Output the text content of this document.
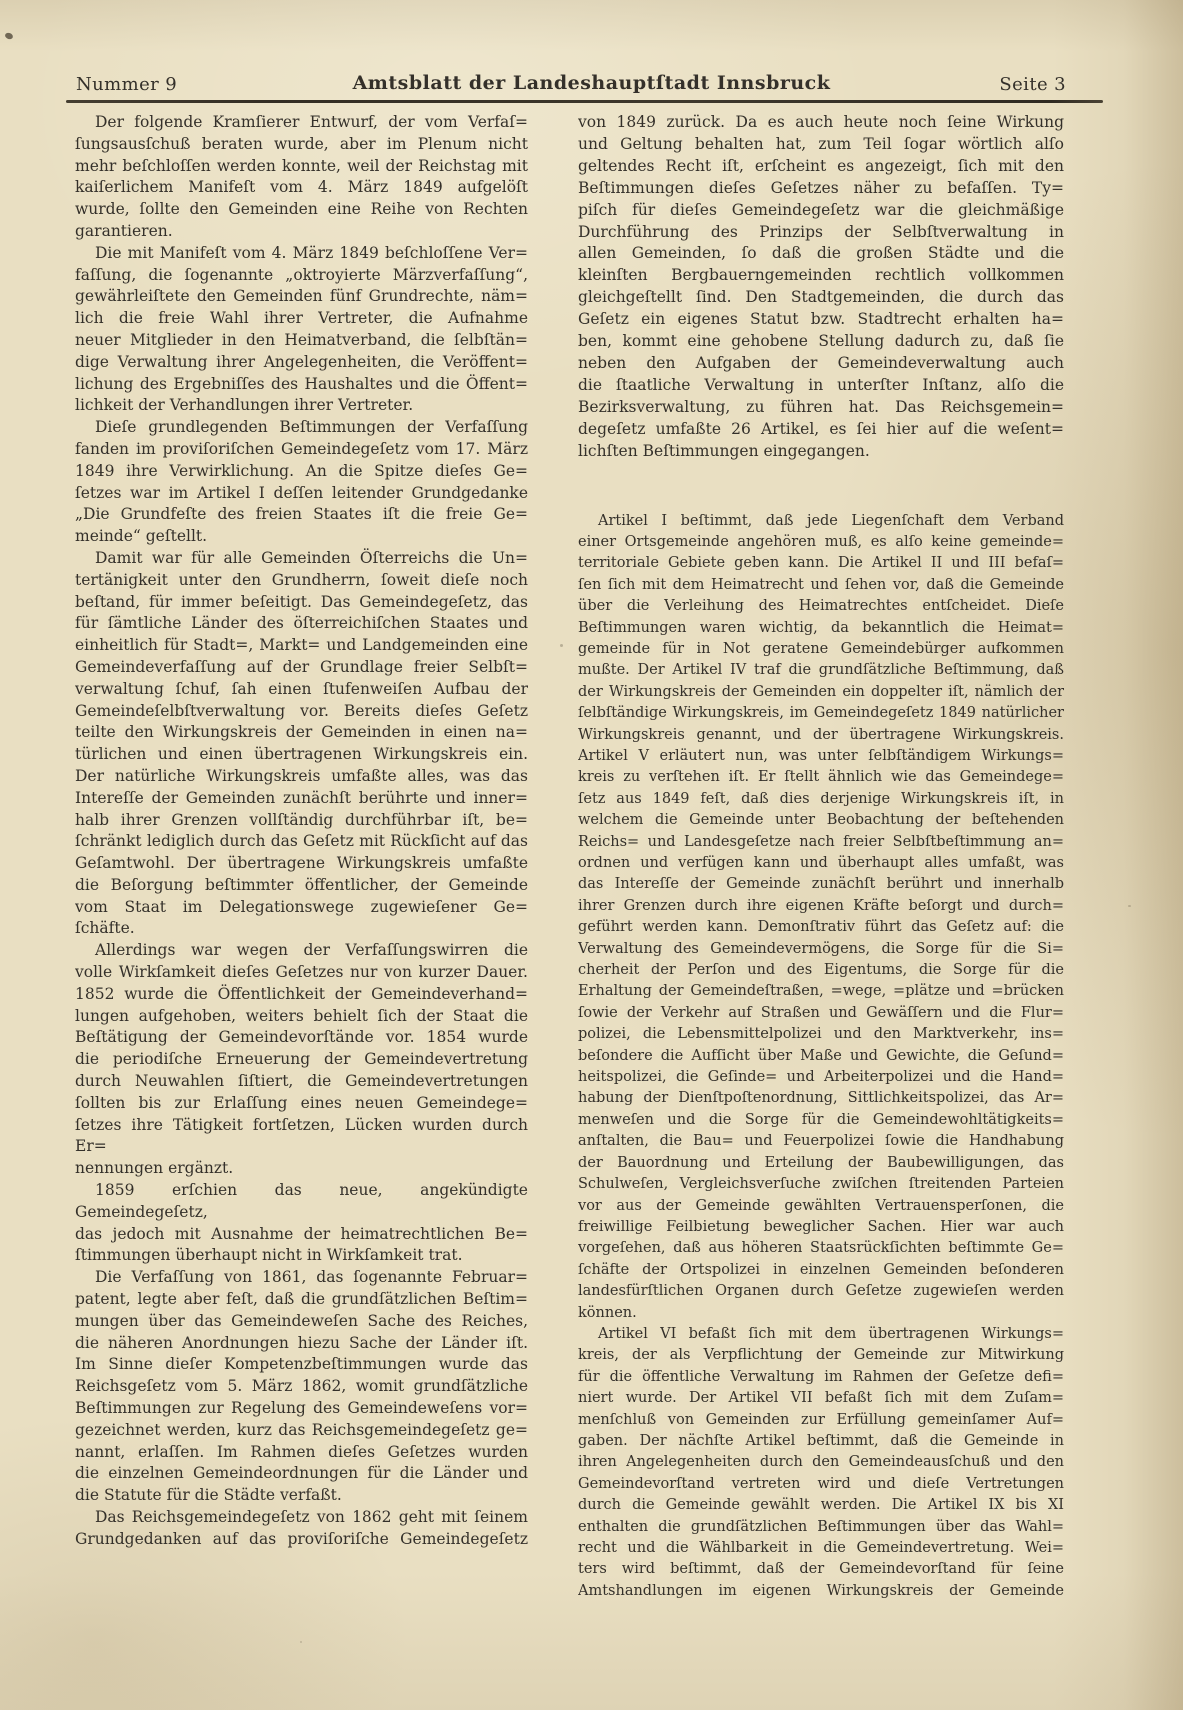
Nummer 9	Amtsblatt der Landeshauptſtadt Innsbruck	Seite 3
Der folgende Kramſierer Entwurf, der vom Verfaſ=
ſungsausſchuß beraten wurde, aber im Plenum nicht
mehr beſchloſſen werden konnte, weil der Reichstag mit
kaiſerlichem Manifeſt vom 4. März 1849 aufgelöſt
wurde, ſollte den Gemeinden eine Reihe von Rechten
garantieren.
Die mit Manifeſt vom 4. März 1849 beſchloſſene Ver=
faſſung, die ſogenannte „oktroyierte Märzverfaſſung“,
gewährleiſtete den Gemeinden fünf Grundrechte, näm=
lich die freie Wahl ihrer Vertreter, die Aufnahme
neuer Mitglieder in den Heimatverband, die ſelbſtän=
dige Verwaltung ihrer Angelegenheiten, die Veröffent=
lichung des Ergebniſſes des Haushaltes und die Öffent=
lichkeit der Verhandlungen ihrer Vertreter.
Dieſe grundlegenden Beſtimmungen der Verfaſſung
fanden im proviſoriſchen Gemeindegeſetz vom 17. März
1849 ihre Verwirklichung. An die Spitze dieſes Ge=
ſetzes war im Artikel I deſſen leitender Grundgedanke
„Die Grundfeſte des freien Staates iſt die freie Ge=
meinde“ geſtellt.
Damit war für alle Gemeinden Öſterreichs die Un=
tertänigkeit unter den Grundherrn, ſoweit dieſe noch
beſtand, für immer beſeitigt. Das Gemeindegeſetz, das
für ſämtliche Länder des öſterreichiſchen Staates und
einheitlich für Stadt=, Markt= und Landgemeinden eine
Gemeindeverfaſſung auf der Grundlage freier Selbſt=
verwaltung ſchuf, ſah einen ſtufenweiſen Aufbau der
Gemeindeſelbſtverwaltung vor. Bereits dieſes Geſetz
teilte den Wirkungskreis der Gemeinden in einen na=
türlichen und einen übertragenen Wirkungskreis ein.
Der natürliche Wirkungskreis umfaßte alles, was das
Intereſſe der Gemeinden zunächſt berührte und inner=
halb ihrer Grenzen vollſtändig durchführbar iſt, be=
ſchränkt lediglich durch das Geſetz mit Rückſicht auf das
Geſamtwohl. Der übertragene Wirkungskreis umfaßte
die Beſorgung beſtimmter öffentlicher, der Gemeinde
vom Staat im Delegationswege zugewieſener Ge=
ſchäfte.
Allerdings war wegen der Verfaſſungswirren die
volle Wirkſamkeit dieſes Geſetzes nur von kurzer Dauer.
1852 wurde die Öffentlichkeit der Gemeindeverhand=
lungen aufgehoben, weiters behielt ſich der Staat die
Beſtätigung der Gemeindevorſtände vor. 1854 wurde
die periodiſche Erneuerung der Gemeindevertretung
durch Neuwahlen ſiſtiert, die Gemeindevertretungen
ſollten bis zur Erlaſſung eines neuen Gemeindege=
ſetzes ihre Tätigkeit fortſetzen, Lücken wurden durch Er=
nennungen ergänzt.
1859 erſchien das neue, angekündigte Gemeindegeſetz,
das jedoch mit Ausnahme der heimatrechtlichen Be=
ſtimmungen überhaupt nicht in Wirkſamkeit trat.
Die Verfaſſung von 1861, das ſogenannte Februar=
patent, legte aber feſt, daß die grundſätzlichen Beſtim=
mungen über das Gemeindeweſen Sache des Reiches,
die näheren Anordnungen hiezu Sache der Länder iſt.
Im Sinne dieſer Kompetenzbeſtimmungen wurde das
Reichsgeſetz vom 5. März 1862, womit grundſätzliche
Beſtimmungen zur Regelung des Gemeindeweſens vor=
gezeichnet werden, kurz das Reichsgemeindegeſetz ge=
nannt, erlaſſen. Im Rahmen dieſes Geſetzes wurden
die einzelnen Gemeindeordnungen für die Länder und
die Statute für die Städte verfaßt.
Das Reichsgemeindegeſetz von 1862 geht mit ſeinem
Grundgedanken auf das proviſoriſche Gemeindegeſetz
von 1849 zurück. Da es auch heute noch ſeine Wirkung
und Geltung behalten hat, zum Teil ſogar wörtlich alſo
geltendes Recht iſt, erſcheint es angezeigt, ſich mit den
Beſtimmungen dieſes Geſetzes näher zu befaſſen. Ty=
piſch für dieſes Gemeindegeſetz war die gleichmäßige
Durchführung des Prinzips der Selbſtverwaltung in
allen Gemeinden, ſo daß die großen Städte und die
kleinſten Bergbauerngemeinden rechtlich vollkommen
gleichgeſtellt ſind. Den Stadtgemeinden, die durch das
Geſetz ein eigenes Statut bzw. Stadtrecht erhalten ha=
ben, kommt eine gehobene Stellung dadurch zu, daß ſie
neben den Aufgaben der Gemeindeverwaltung auch
die ſtaatliche Verwaltung in unterſter Inſtanz, alſo die
Bezirksverwaltung, zu führen hat. Das Reichsgemein=
degeſetz umfaßte 26 Artikel, es ſei hier auf die weſent=
lichſten Beſtimmungen eingegangen.
Artikel I beſtimmt, daß jede Liegenſchaft dem Verband
einer Ortsgemeinde angehören muß, es alſo keine gemeinde=
territoriale Gebiete geben kann. Die Artikel II und III befaſ=
ſen ſich mit dem Heimatrecht und ſehen vor, daß die Gemeinde
über die Verleihung des Heimatrechtes entſcheidet. Dieſe
Beſtimmungen waren wichtig, da bekanntlich die Heimat=
gemeinde für in Not geratene Gemeindebürger aufkommen
mußte. Der Artikel IV traf die grundſätzliche Beſtimmung, daß
der Wirkungskreis der Gemeinden ein doppelter iſt, nämlich der
ſelbſtändige Wirkungskreis, im Gemeindegeſetz 1849 natürlicher
Wirkungskreis genannt, und der übertragene Wirkungskreis.
Artikel V erläutert nun, was unter ſelbſtändigem Wirkungs=
kreis zu verſtehen iſt. Er ſtellt ähnlich wie das Gemeindege=
ſetz aus 1849 feſt, daß dies derjenige Wirkungskreis iſt, in
welchem die Gemeinde unter Beobachtung der beſtehenden
Reichs= und Landesgeſetze nach freier Selbſtbeſtimmung an=
ordnen und verfügen kann und überhaupt alles umfaßt, was
das Intereſſe der Gemeinde zunächſt berührt und innerhalb
ihrer Grenzen durch ihre eigenen Kräfte beſorgt und durch=
geführt werden kann. Demonſtrativ führt das Geſetz auf: die
Verwaltung des Gemeindevermögens, die Sorge für die Si=
cherheit der Perſon und des Eigentums, die Sorge für die
Erhaltung der Gemeindeſtraßen, =wege, =plätze und =brücken
ſowie der Verkehr auf Straßen und Gewäſſern und die Flur=
polizei, die Lebensmittelpolizei und den Marktverkehr, ins=
beſondere die Aufſicht über Maße und Gewichte, die Geſund=
heitspolizei, die Geſinde= und Arbeiterpolizei und die Hand=
habung der Dienſtpoſtenordnung, Sittlichkeitspolizei, das Ar=
menweſen und die Sorge für die Gemeindewohltätigkeits=
anſtalten, die Bau= und Feuerpolizei ſowie die Handhabung
der Bauordnung und Erteilung der Baubewilligungen, das
Schulweſen, Vergleichsverſuche zwiſchen ſtreitenden Parteien
vor aus der Gemeinde gewählten Vertrauensperſonen, die
freiwillige Feilbietung beweglicher Sachen. Hier war auch
vorgeſehen, daß aus höheren Staatsrückſichten beſtimmte Ge=
ſchäfte der Ortspolizei in einzelnen Gemeinden beſonderen
landesfürſtlichen Organen durch Geſetze zugewieſen werden
können.
Artikel VI befaßt ſich mit dem übertragenen Wirkungs=
kreis, der als Verpflichtung der Gemeinde zur Mitwirkung
für die öffentliche Verwaltung im Rahmen der Geſetze defi=
niert wurde. Der Artikel VII befaßt ſich mit dem Zuſam=
menſchluß von Gemeinden zur Erfüllung gemeinſamer Auf=
gaben. Der nächſte Artikel beſtimmt, daß die Gemeinde in
ihren Angelegenheiten durch den Gemeindeausſchuß und den
Gemeindevorſtand vertreten wird und dieſe Vertretungen
durch die Gemeinde gewählt werden. Die Artikel IX bis XI
enthalten die grundſätzlichen Beſtimmungen über das Wahl=
recht und die Wählbarkeit in die Gemeindevertretung. Wei=
ters wird beſtimmt, daß der Gemeindevorſtand für ſeine
Amtshandlungen im eigenen Wirkungskreis der Gemeinde
